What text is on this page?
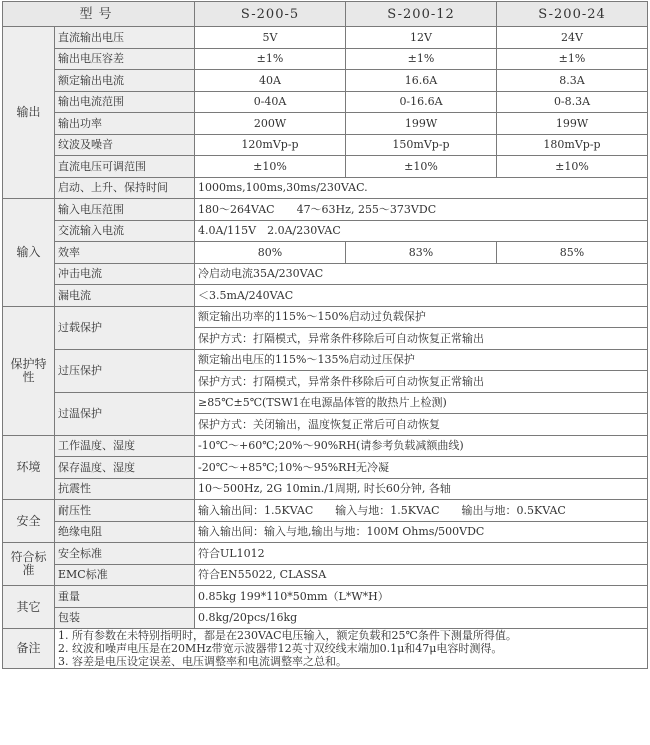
型号		S-200-5	S-200-12	S-200-24
输出	直流输出电压	5V	12V	24V
	输出电压容差	±1%	±1%	±1%
	额定输出电流	40A	16.6A	8.3A
	输出电流范围	0-40A	0-16.6A	0-8.3A
	输出功率	200W	199W	199W
	纹波及噪音	120mVp-p	150mVp-p	180mVp-p
	直流电压可调范围	±10%	±10%	±10%
	启动、上升、保持时间	1000ms,100ms,30ms/230VAC.		
输入	输入电压范围	180～264VAC　　47～63Hz, 255～373VDC		
	交流输入电流	4.0A/115V　2.0A/230VAC		
	效率	80%	83%	85%
	冲击电流	冷启动电流35A/230VAC		
	漏电流	＜3.5mA/240VAC		
保护特性	过载保护	额定输出功率的115%～150%启动过负载保护		
		保护方式：打隔模式，异常条件移除后可自动恢复正常输出		
	过压保护	额定输出电压的115%～135%启动过压保护		
		保护方式：打隔模式，异常条件移除后可自动恢复正常输出		
	过温保护	≥85℃±5℃(TSW1在电源晶体管的散热片上检测)		
		保护方式：关闭输出，温度恢复正常后可自动恢复		
环境	工作温度、湿度	-10℃～+60℃;20%～90%RH(请参考负载减额曲线)		
	保存温度、湿度	-20℃～+85℃;10%～95%RH无冷凝		
	抗震性	10～500Hz, 2G 10min./1周期, 时长60分钟, 各轴		
安全	耐压性	输入输出间：1.5KVAC　　输入与地：1.5KVAC　　输出与地：0.5KVAC		
	绝缘电阻	输入输出间：输入与地,输出与地：100M Ohms/500VDC		
符合标准	安全标准	符合UL1012		
	EMC标准	符合EN55022, CLASSA		
其它	重量	0.85kg 199*110*50mm（L*W*H）		
	包装	0.8kg/20pcs/16kg		
备注	1. 所有参数在未特别指明时，都是在230VAC电压输入，额定负载和25℃条件下测量所得值。
2. 纹波和噪声电压是在20MHz带宽示波器带12英寸双绞线末端加0.1μ和47μ电容时测得。
3. 容差是电压设定误差、电压调整率和电流调整率之总和。			
